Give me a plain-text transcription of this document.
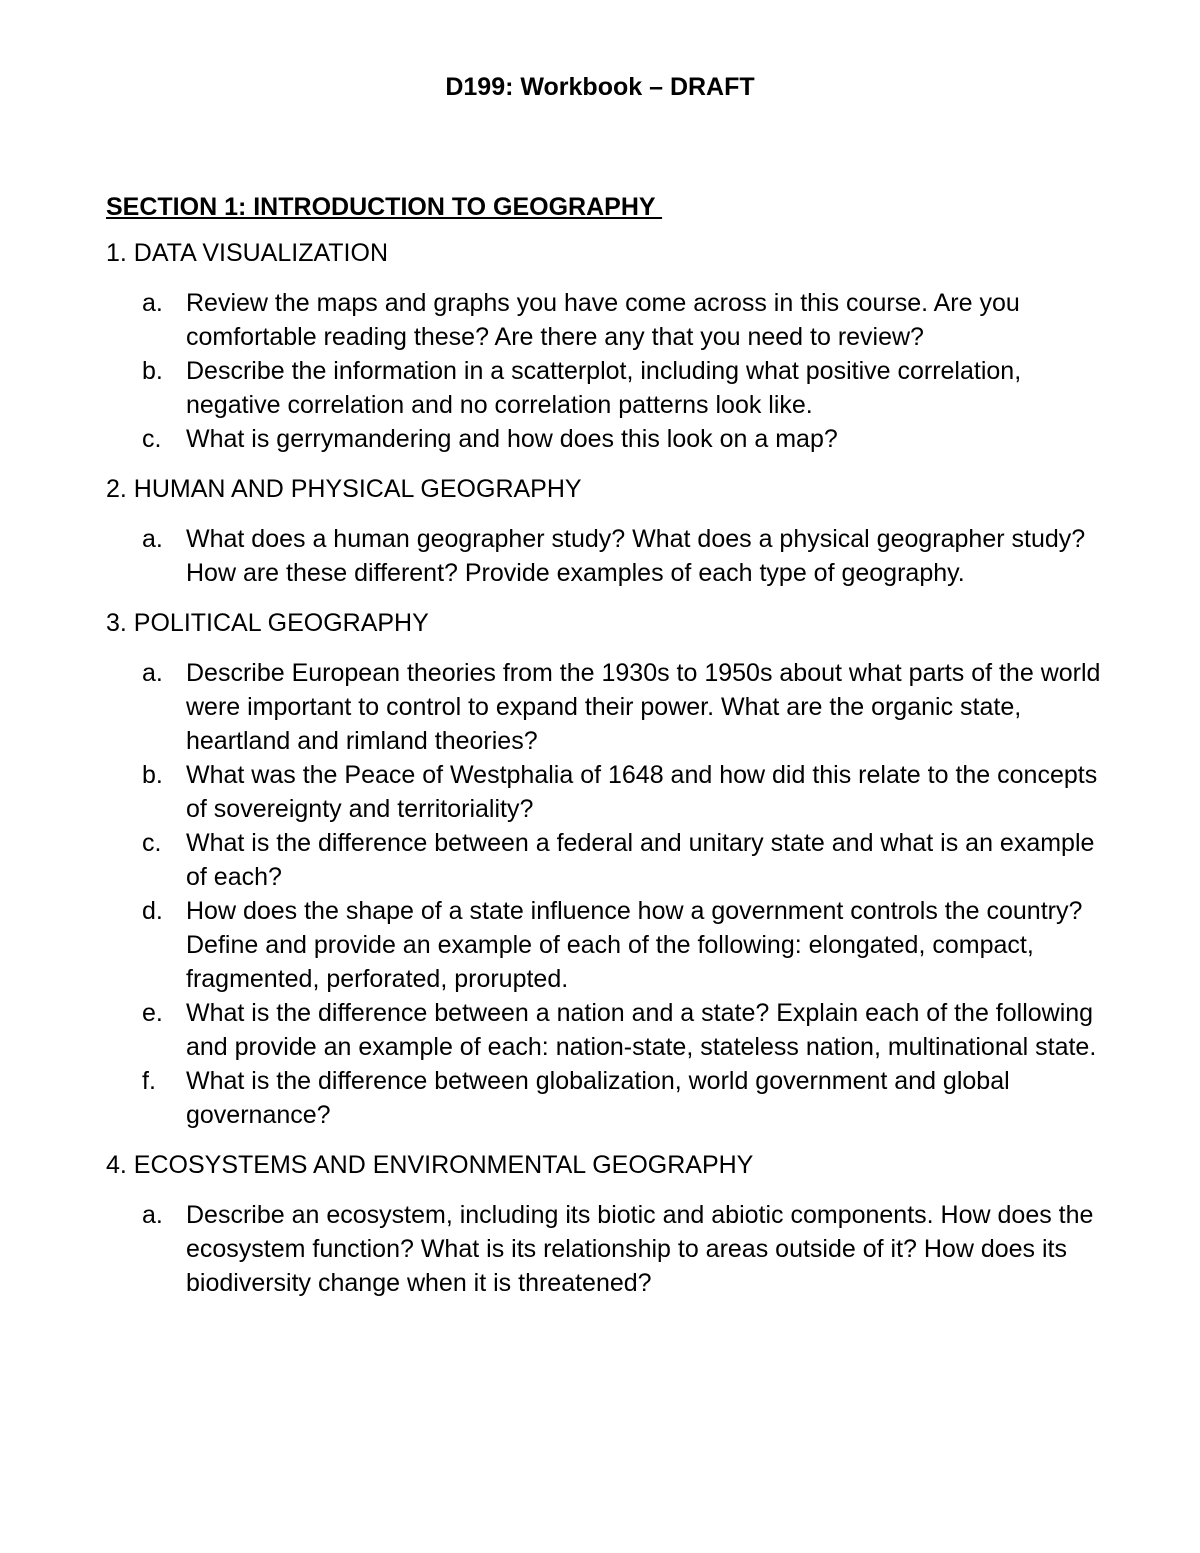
D199: Workbook – DRAFT
SECTION 1: INTRODUCTION TO GEOGRAPHY
1. DATA VISUALIZATION
a. Review the maps and graphs you have come across in this course. Are you comfortable reading these? Are there any that you need to review?
b. Describe the information in a scatterplot, including what positive correlation, negative correlation and no correlation patterns look like.
c. What is gerrymandering and how does this look on a map?
2. HUMAN AND PHYSICAL GEOGRAPHY
a. What does a human geographer study? What does a physical geographer study? How are these different? Provide examples of each type of geography.
3. POLITICAL GEOGRAPHY
a. Describe European theories from the 1930s to 1950s about what parts of the world were important to control to expand their power. What are the organic state, heartland and rimland theories?
b. What was the Peace of Westphalia of 1648 and how did this relate to the concepts of sovereignty and territoriality?
c. What is the difference between a federal and unitary state and what is an example of each?
d. How does the shape of a state influence how a government controls the country? Define and provide an example of each of the following: elongated, compact, fragmented, perforated, prorupted.
e. What is the difference between a nation and a state? Explain each of the following and provide an example of each: nation-state, stateless nation, multinational state.
f. What is the difference between globalization, world government and global governance?
4. ECOSYSTEMS AND ENVIRONMENTAL GEOGRAPHY
a. Describe an ecosystem, including its biotic and abiotic components. How does the ecosystem function? What is its relationship to areas outside of it? How does its biodiversity change when it is threatened?
